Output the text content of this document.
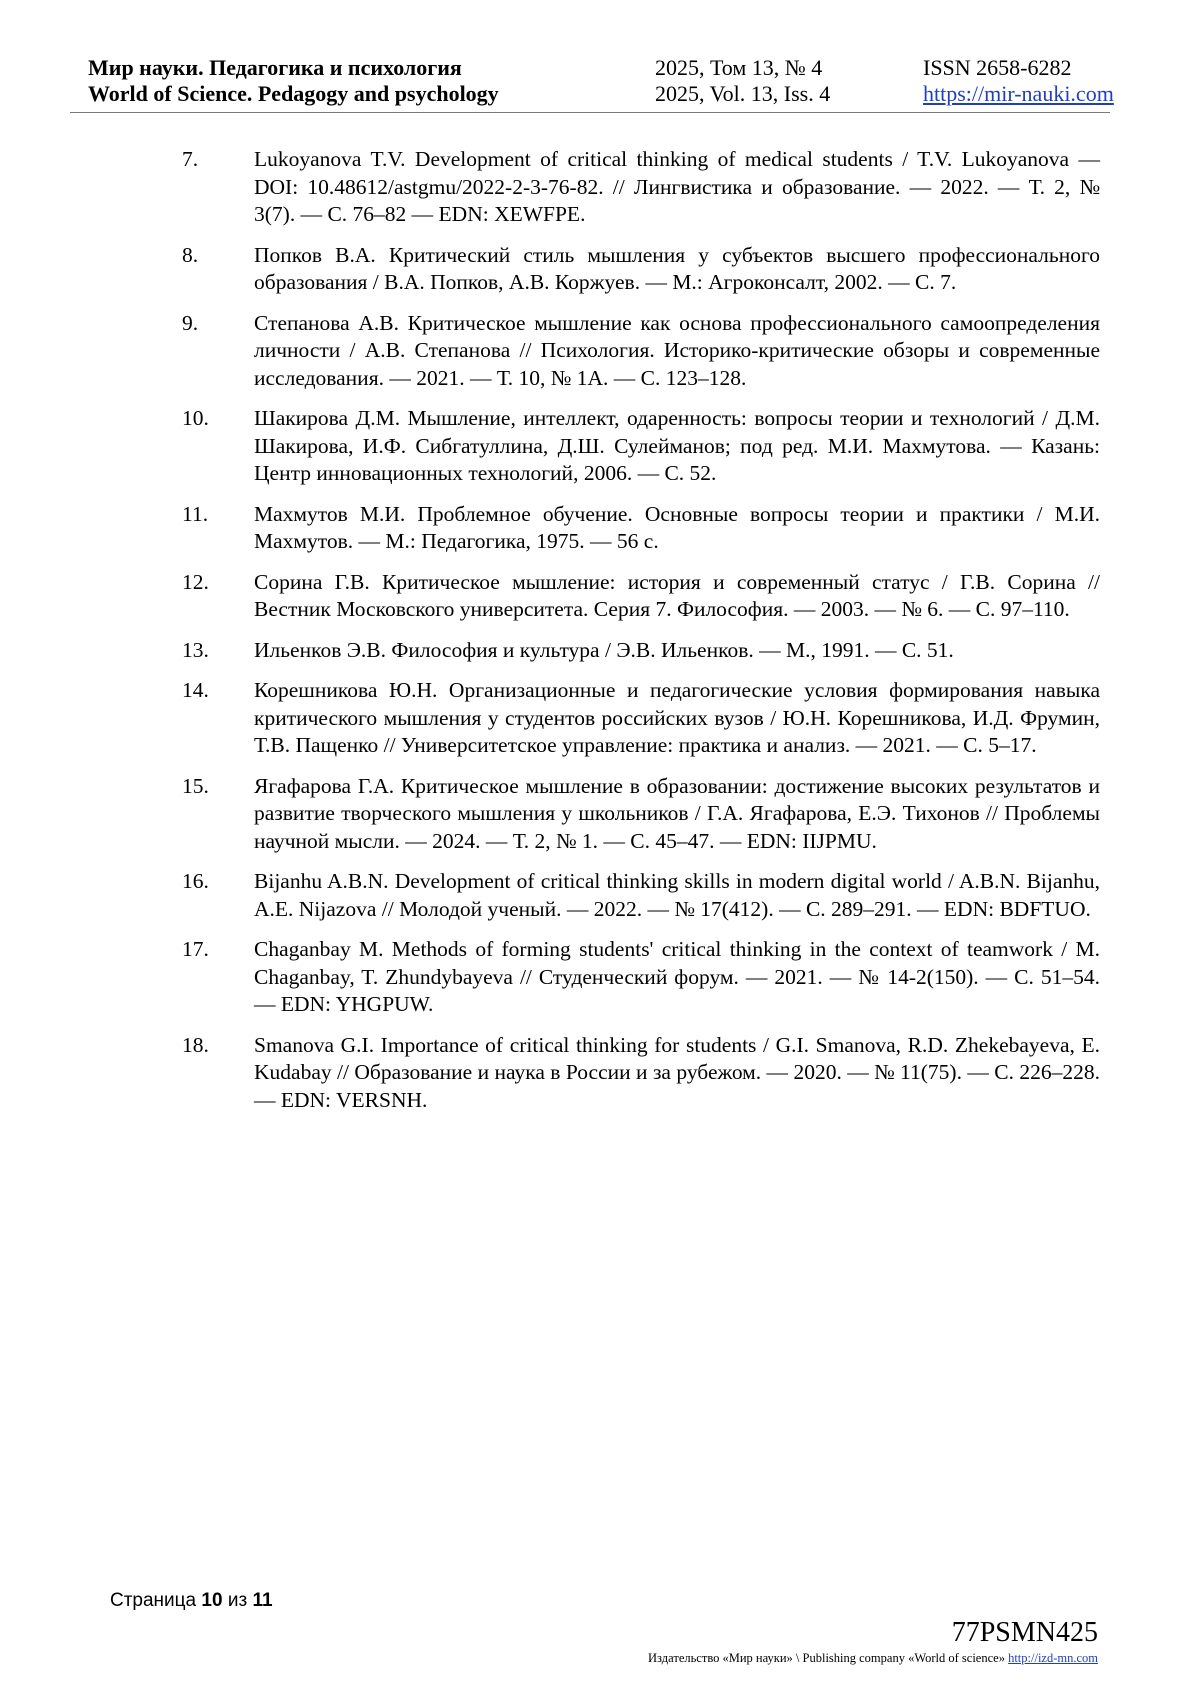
Мир науки. Педагогика и психология	2025, Том 13, № 4	ISSN 2658-6282
World of Science. Pedagogy and psychology	2025, Vol. 13, Iss. 4	https://mir-nauki.com
7.	Lukoyanova T.V. Development of critical thinking of medical students / T.V. Lukoyanova — DOI: 10.48612/astgmu/2022-2-3-76-82. // Лингвистика и образование. — 2022. — Т. 2, № 3(7). — С. 76–82 — EDN: XEWFPE.
8.	Попков В.А. Критический стиль мышления у субъектов высшего профессионального образования / В.А. Попков, А.В. Коржуев. — М.: Агроконсалт, 2002. — С. 7.
9.	Степанова А.В. Критическое мышление как основа профессионального самоопределения личности / А.В. Степанова // Психология. Историко-критические обзоры и современные исследования. — 2021. — Т. 10, № 1А. — С. 123–128.
10. Шакирова Д.М. Мышление, интеллект, одаренность: вопросы теории и технологий / Д.М. Шакирова, И.Ф. Сибгатуллина, Д.Ш. Сулейманов; под ред. М.И. Махмутова. — Казань: Центр инновационных технологий, 2006. — С. 52.
11. Махмутов М.И. Проблемное обучение. Основные вопросы теории и практики / М.И. Махмутов. — М.: Педагогика, 1975. — 56 с.
12. Сорина Г.В. Критическое мышление: история и современный статус / Г.В. Сорина // Вестник Московского университета. Серия 7. Философия. — 2003. — № 6. — С. 97–110.
13. Ильенков Э.В. Философия и культура / Э.В. Ильенков. — М., 1991. — С. 51.
14. Корешникова Ю.Н. Организационные и педагогические условия формирования навыка критического мышления у студентов российских вузов / Ю.Н. Корешникова, И.Д. Фрумин, Т.В. Пащенко // Университетское управление: практика и анализ. — 2021. — С. 5–17.
15. Ягафарова Г.А. Критическое мышление в образовании: достижение высоких результатов и развитие творческого мышления у школьников / Г.А. Ягафарова, Е.Э. Тихонов // Проблемы научной мысли. — 2024. — Т. 2, № 1. — С. 45–47. — EDN: IIJPMU.
16. Bijanhu A.B.N. Development of critical thinking skills in modern digital world / A.B.N. Bijanhu, A.E. Nijazova // Молодой ученый. — 2022. — № 17(412). — С. 289–291. — EDN: BDFTUO.
17. Chaganbay M. Methods of forming students' critical thinking in the context of teamwork / M. Chaganbay, T. Zhundybayeva // Студенческий форум. — 2021. — № 14-2(150). — С. 51–54. — EDN: YHGPUW.
18. Smanova G.I. Importance of critical thinking for students / G.I. Smanova, R.D. Zhekebayeva, E. Kudabay // Образование и наука в России и за рубежом. — 2020. — № 11(75). — С. 226–228. — EDN: VERSNH.
Страница 10 из 11
77PSMN425
Издательство «Мир науки» \ Publishing company «World of science» http://izd-mn.com
